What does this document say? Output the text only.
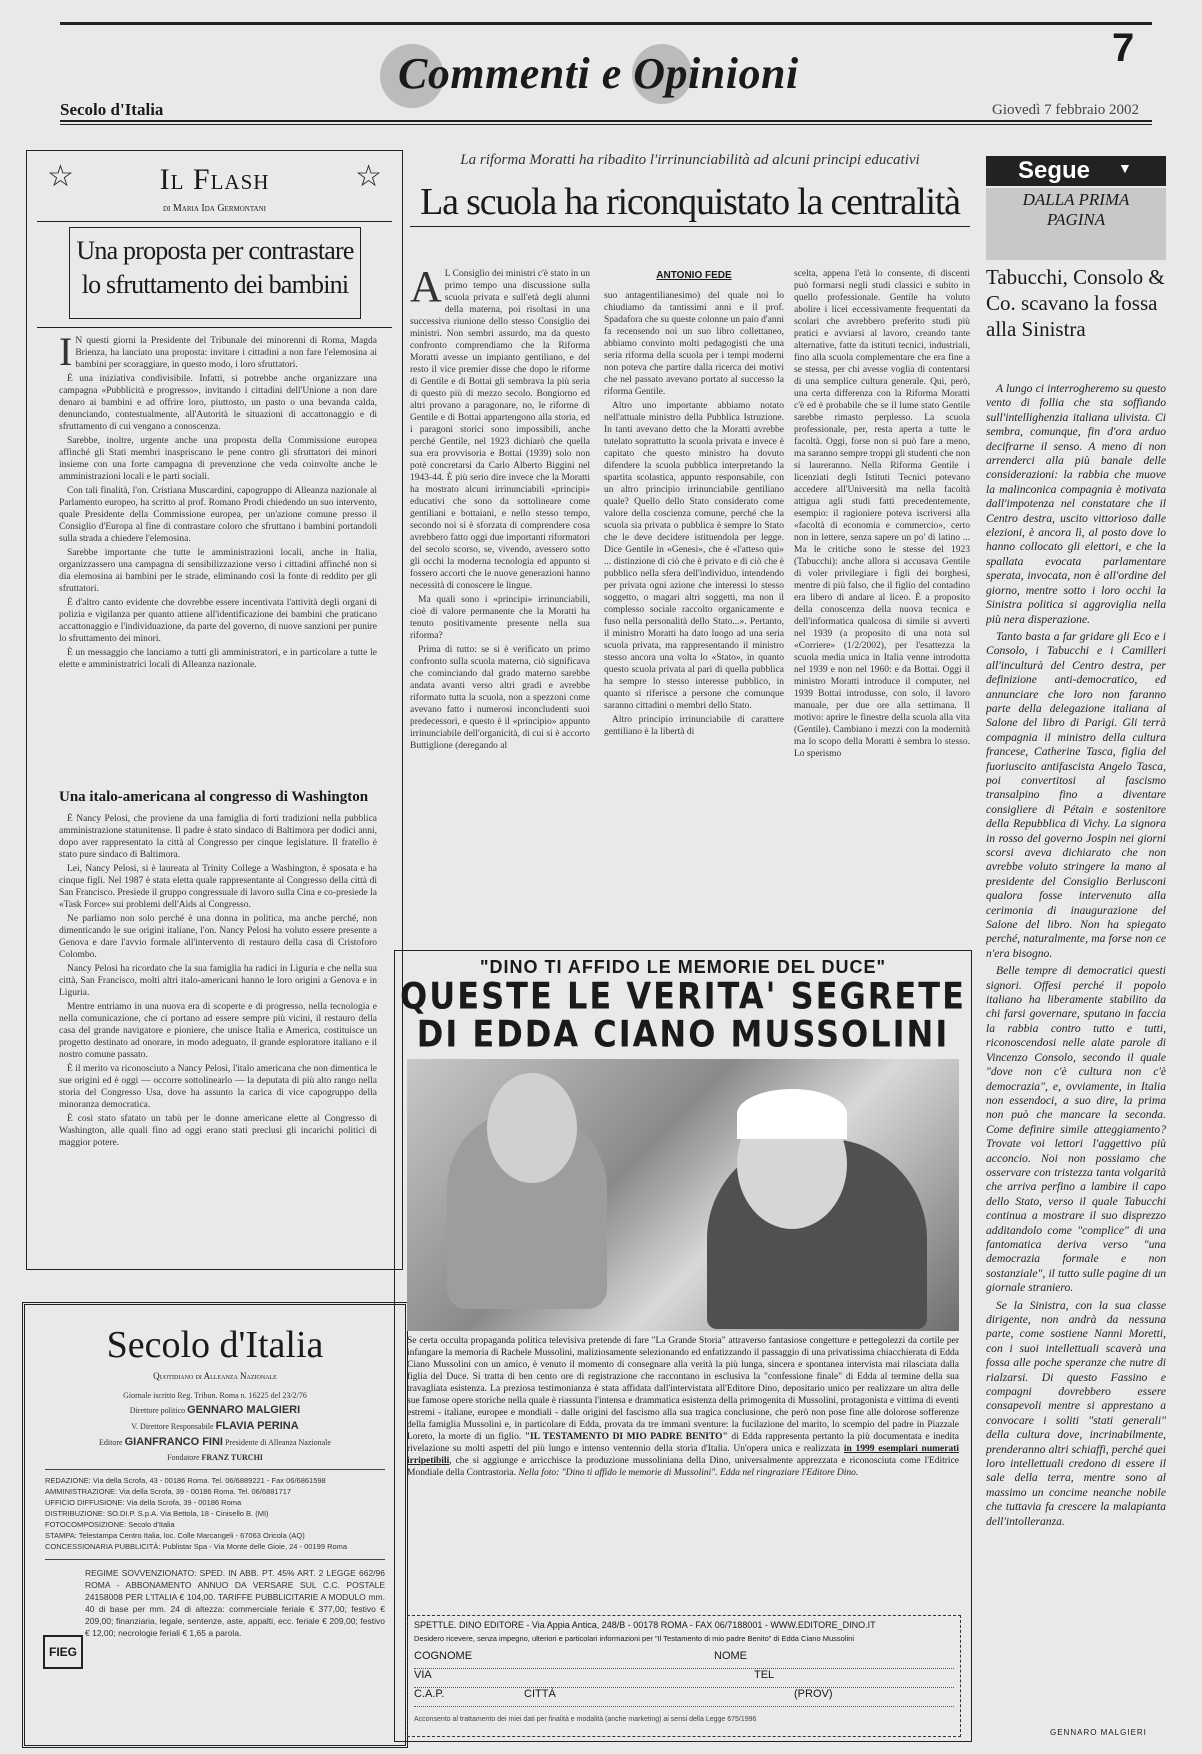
Commenti e Opinioni
7
Secolo d'Italia	Giovedì 7 febbraio 2002
☆	☆
Il Flash
di Maria Ida Germontani
Una proposta per contrastare lo sfruttamento dei bambini

I N questi giorni la Presidente del Tribunale dei minorenni di Roma, Magda Brienza, ha lanciato una proposta: invitare i cittadini a non fare l'elemosina ai bambini per scoraggiare, in questo modo, i loro sfruttatori.

È una iniziativa condivisibile. Infatti, si potrebbe anche organizzare una campagna «Pubblicità e progresso», invitando i cittadini dell'Unione a non dare denaro ai bambini e ad offrire loro, piuttosto, un pasto o una bevanda calda, denunciando, contestualmente, all'Autorità le situazioni di accattonaggio e di sfruttamento di cui vengano a conoscenza.

Sarebbe, inoltre, urgente anche una proposta della Commissione europea affinché gli Stati membri inaspriscano le pene contro gli sfruttatori dei minori insieme con una forte campagna di prevenzione che veda coinvolte anche le amministrazioni locali e le parti sociali.

Con tali finalità, l'on. Cristiana Muscardini, capogruppo di Alleanza nazionale al Parlamento europeo, ha scritto al prof. Romano Prodi chiedendo un suo intervento, quale Presidente della Commissione europea, per un'azione comune presso il Consiglio d'Europa al fine di contrastare coloro che sfruttano i bambini portandoli sulla strada a chiedere l'elemosina.

Sarebbe importante che tutte le amministrazioni locali, anche in Italia, organizzassero una campagna di sensibilizzazione verso i cittadini affinché non si dia elemosina ai bambini per le strade, eliminando così la fonte di reddito per gli sfruttatori.

È d'altro canto evidente che dovrebbe essere incentivata l'attività degli organi di polizia e vigilanza per quanto attiene all'identificazione dei bambini che praticano accattonaggio e l'individuazione, da parte del governo, di nuove sanzioni per punire lo sfruttamento dei minori.

È un messaggio che lanciamo a tutti gli amministratori, e in particolare a tutte le elette e amministratrici locali di Alleanza nazionale.

Una italo-americana al congresso di Washington

È Nancy Pelosi, che proviene da una famiglia di forti tradizioni nella pubblica amministrazione statunitense. Il padre è stato sindaco di Baltimora per dodici anni, dopo aver rappresentato la città al Congresso per cinque legislature. Il fratello è stato pure sindaco di Baltimora.

Lei, Nancy Pelosi, si è laureata al Trinity College a Washington, è sposata e ha cinque figli. Nel 1987 è stata eletta quale rappresentante al Congresso della città di San Francisco. Presiede il gruppo congressuale di lavoro sulla Cina e co-presiede la «Task Force» sui problemi dell'Aids al Congresso.

Ne parliamo non solo perché è una donna in politica, ma anche perché, non dimenticando le sue origini italiane, l'on. Nancy Pelosi ha voluto essere presente a Genova e dare l'avvio formale all'intervento di restauro della casa di Cristoforo Colombo.

Nancy Pelosi ha ricordato che la sua famiglia ha radici in Liguria e che nella sua città, San Francisco, molti altri italo-americani hanno le loro origini a Genova e in Liguria.

Mentre entriamo in una nuova era di scoperte e di progresso, nella tecnologia e nella comunicazione, che ci portano ad essere sempre più vicini, il restauro della casa del grande navigatore e pioniere, che unisce Italia e America, costituisce un progetto destinato ad onorare, in modo adeguato, il grande esploratore italiano e il nostro comune passato.

È il merito va riconosciuto a Nancy Pelosi, l'italo americana che non dimentica le sue origini ed è oggi — occorre sottolinearlo — la deputata di più alto rango nella storia del Congresso Usa, dove ha assunto la carica di vice capogruppo della minoranza democratica.

È così stato sfatato un tabù per le donne americane elette al Congresso di Washington, alle quali fino ad oggi erano stati preclusi gli incarichi politici di maggior potere.

Secolo d'Italia
Quotidiano di Alleanza Nazionale
Giornale iscritto Reg. Tribun. Roma n. 16225 del 23/2/76
Direttore politico GENNARO MALGIERI
V. Direttore Responsabile FLAVIA PERINA
Editore GIANFRANCO FINI Presidente di Alleanza Nazionale
Fondatore FRANZ TURCHI
REDAZIONE: Via della Scrofa, 43 - 00186 Roma. Tel. 06/6889221 - Fax 06/6861598
AMMINISTRAZIONE: Via della Scrofa, 39 - 00186 Roma. Tel. 06/6881717
UFFICIO DIFFUSIONE: Via della Scrofa, 39 - 00186 Roma
DISTRIBUZIONE: SO.DI.P. S.p.A. Via Bettola, 18 - Cinisello B. (MI)
FOTOCOMPOSIZIONE: Secolo d'Italia
STAMPA: Telestampa Centro Italia, loc. Colle Marcangeli - 67063 Oricola (AQ)
CONCESSIONARIA PUBBLICITÀ: Publistar Spa - Via Monte delle Gioie, 24 - 00199 Roma
REGIME SOVVENZIONATO: SPED. IN ABB. PT. 45% ART. 2 LEGGE 662/96 ROMA - ABBONAMENTO ANNUO DA VERSARE SUL C.C. POSTALE 24158008 PER L'ITALIA € 104,00. TARIFFE PUBBLICITARIE A MODULO mm. 40 di base per mm. 24 di altezza: commerciale feriale € 377,00; festivo € 209,00; finanziaria, legale, sentenze, aste, appalti, ecc. feriale € 209,00; festivo € 12,00; necrologie feriali € 1,65 a parola.
FIEG
La riforma Moratti ha ribadito l'irrinunciabilità ad alcuni principi educativi
La scuola ha riconquistato la centralità

A L Consiglio dei ministri c'è stato in un primo tempo una discussione sulla scuola privata e sull'età degli alunni della materna, poi risoltasi in una successiva riunione dello stesso Consiglio dei ministri. Non sembri assurdo, ma da questo confronto comprendiamo che la Riforma Moratti avesse un impianto gentiliano, e del resto il vice premier disse che dopo le riforme di Gentile e di Bottai gli sembrava la più seria di questo più di mezzo secolo. Bongiorno ed altri provano a paragonare, no, le riforme di Gentile e di Bottai appartengono alla storia, ed i paragoni storici sono impossibili, anche perché Gentile, nel 1923 dichiarò che quella sua era provvisoria e Bottai (1939) solo non potè concretarsi da Carlo Alberto Biggini nel 1943-44. È più serio dire invece che la Moratti ha mostrato alcuni irrinunciabili «principi» educativi che sono da sottolineare come gentiliani e bottaiani, e nello stesso tempo, secondo noi si è sforzata di comprendere cosa avrebbero fatto oggi due importanti riformatori del secolo scorso, se, vivendo, avessero sotto gli occhi la moderna tecnologia ed appunto si fossero accorti che le nuove generazioni hanno necessità di conoscere le lingue.

Ma quali sono i «principi» irrinunciabili, cioè di valore permanente che la Moratti ha tenuto positivamente presente nella sua riforma?

Prima di tutto: se si è verificato un primo confronto sulla scuola materna, ciò significava che cominciando dal grado materno sarebbe andata avanti verso altri gradi e avrebbe riformato tutta la scuola, non a spezzoni come avevano fatto i numerosi inconcludenti suoi predecessori, e questo è il «principio» appunto irrinunciabile dell'organicità, di cui si è accorto Buttiglione (deregando al

ANTONIO FEDE

suo antagentilianesimo) del quale noi lo chiudiamo da tantissimi anni e il prof. Spadafora che su queste colonne un paio d'anni fa recensendo noi un suo libro collettaneo, abbiamo convinto molti pedagogisti che una seria riforma della scuola per i tempi moderni non poteva che partire dalla ricerca dei motivi che nel passato avevano portato al successo la riforma Gentile.

Altro uno importante abbiamo notato nell'attuale ministro della Pubblica Istruzione. In tanti avevano detto che la Moratti avrebbe tutelato soprattutto la scuola privata e invece è capitato che questo ministro ha dovuto difendere la scuola pubblica interpretando la spartita scolastica, appunto responsabile, con un altro principio irrinunciabile gentiliano quale? Quello dello Stato considerato come valore della coscienza comune, perché che la scuola sia privata o pubblica è sempre lo Stato che le deve decidere istituendola per legge. Dice Gentile in «Genesi», che è «l'atteso qui» ... distinzione di ciò che è privato e di ciò che è pubblico nella sfera dell'individuo, intendendo per privata ogni azione che interessi lo stesso soggetto, o magari altri soggetti, ma non il complesso sociale raccolto organicamente e fuso nella personalità dello Stato...». Pertanto, il ministro Moratti ha dato luogo ad una seria scuola privata, ma rappresentando il ministro stesso ancora una volta lo «Stato», in quanto questo scuola privata al pari di quella pubblica ha sempre lo stesso interesse pubblico, in quanto si riferisce a persone che comunque saranno cittadini o membri dello Stato.

Altro principio irrinunciabile di carattere gentiliano è la libertà di

scelta, appena l'età lo consente, di discenti può formarsi negli studi classici e subito in quello professionale. Gentile ha voluto abolire i licei eccessivamente frequentati da scolari che avrebbero preferito studi più pratici e avviarsi al lavoro, creando tante alternative, fatte da istituti tecnici, industriali, fino alla scuola complementare che era fine a se stessa, per chi avesse voglia di contentarsi di una semplice cultura generale. Qui, però, una certa differenza con la Riforma Moratti c'è ed è probabile che se il lume stato Gentile sarebbe rimasto perplesso. La scuola professionale, per, resta aperta a tutte le facoltà. Oggi, forse non si può fare a meno, ma saranno sempre troppi gli studenti che non si laureranno. Nella Riforma Gentile i licenziati degli Istituti Tecnici potevano accedere all'Università ma nella facoltà attigua agli studi fatti precedentemente, esempio: il ragioniere poteva iscriversi alla «facoltà di economia e commercio», certo non in lettere, senza sapere un po' di latino ... Ma le critiche sono le stesse del 1923 (Tabucchi): anche allora si accusava Gentile di voler privilegiare i figli dei borghesi, mentre di più falso, che il figlio del contadino era libero di andare al liceo. È a proposito della conoscenza della nuova tecnica e dell'informatica qualcosa di simile si avvertì nel 1939 (a proposito di una nota sul «Corriere» (1/2/2002), per l'esattezza la scuola media unica in Italia venne introdotta nel 1939 e non nel 1960: e da Bottai. Oggi il ministro Moratti introduce il computer, nel 1939 Bottai introdusse, con solo, il lavoro manuale, per due ore alla settimana. Il motivo: aprire le finestre della scuola alla vita (Gentile). Cambiano i mezzi con la modernità ma lo scopo della Moratti è sembra lo stesso. Lo sperismo

"DINO TI AFFIDO LE MEMORIE DEL DUCE"
QUESTE LE VERITA' SEGRETE
DI EDDA CIANO MUSSOLINI
Se certa occulta propaganda politica televisiva pretende di fare "La Grande Storia" attraverso fantasiose congetture e pettegolezzi da cortile per infangare la memoria di Rachele Mussolini, maliziosamente selezionando ed enfatizzando il passaggio di una privatissima chiacchierata di Edda Ciano Mussolini con un amico, è venuto il momento di consegnare alla verità la più lunga, sincera e spontanea intervista mai rilasciata dalla figlia del Duce. Si tratta di ben cento ore di registrazione che raccontano in esclusiva la "confessione finale" di Edda al termine della sua travagliata esistenza. La preziosa testimonianza è stata affidata dall'intervistata all'Editore Dino, depositario unico per realizzare un altra delle sue famose opere storiche nella quale è riassunta l'intensa e drammatica esistenza della primogenita di Mussolini, protagonista e vittima di eventi estremi - italiane, europee e mondiali - dalle origini del fascismo alla sua tragica conclusione, che però non pose fine alle dolorose sofferenze della famiglia Mussolini e, in particolare di Edda, provata da tre immani sventure: la fucilazione del marito, lo scempio del padre in Piazzale Loreto, la morte di un figlio. "IL TESTAMENTO DI MIO PADRE BENITO" di Edda rappresenta pertanto la più documentata e inedita rivelazione su molti aspetti del più lungo e intenso ventennio della storia d'Italia. Un'opera unica e realizzata in 1999 esemplari numerati irripetibili, che si aggiunge e arricchisce la produzione mussoliniana della Dino, universalmente apprezzata e riconosciuta come l'Editrice Mondiale della Contrastoria. Nella foto: "Dino ti affido le memorie di Mussolini". Edda nel ringraziare l'Editore Dino.
SPETTLE. DINO EDITORE - Via Appia Antica, 248/B - 00178 ROMA - FAX 06/7188001 - WWW.EDITORE_DINO.IT
Desidero ricevere, senza impegno, ulteriori e particolari informazioni per "Il Testamento di mio padre Benito" di Edda Ciano Mussolini
COGNOME	NOME
VIA	TEL
C.A.P.	CITTÀ	(PROV)
Acconsento al trattamento dei miei dati per finalità e modalità (anche marketing) ai sensi della Legge 675/1996
Segue ▼
DALLA PRIMA PAGINA
Tabucchi, Consolo & Co. scavano la fossa alla Sinistra

A lungo ci interrogheremo su questo vento di follia che sta soffiando sull'intellighenzia italiana ulivista. Ci sembra, comunque, fin d'ora arduo decifrarne il senso. A meno di non arrenderci alla più banale delle considerazioni: la rabbia che muove la malinconica compagnia è motivata dall'impotenza nel constatare che il Centro destra, uscito vittorioso dalle elezioni, è ancora lì, al posto dove lo hanno collocato gli elettori, e che la spallata evocata parlamentare sperata, invocata, non è all'ordine del giorno, mentre sotto i loro occhi la Sinistra politica si aggroviglia nella più nera disperazione.

Tanto basta a far gridare gli Eco e i Consolo, i Tabucchi e i Camilleri all'inculturà del Centro destra, per definizione anti-democratico, ed annunciare che loro non faranno parte della delegazione italiana al Salone del libro di Parigi. Gli terrà compagnia il ministro della cultura francese, Catherine Tasca, figlia del fuoriuscito antifascista Angelo Tasca, poi convertitosi al fascismo transalpino fino a diventare consigliere di Pétain e sostenitore della Repubblica di Vichy. La signora in rosso del governo Jospin nei giorni scorsi aveva dichiarato che non avrebbe voluto stringere la mano al presidente del Consiglio Berlusconi qualora fosse intervenuto alla cerimonia di inaugurazione del Salone del libro. Non ha spiegato perché, naturalmente, ma forse non ce n'era bisogno.

Belle tempre di democratici questi signori. Offesi perché il popolo italiano ha liberamente stabilito da chi farsi governare, sputano in faccia la rabbia contro tutto e tutti, riconoscendosi nelle alate parole di Vincenzo Consolo, secondo il quale "dove non c'è cultura non c'è democrazia", e, ovviamente, in Italia non essendoci, a suo dire, la prima non può che mancare la seconda. Come definire simile atteggiamento? Trovate voi lettori l'aggettivo più acconcio. Noi non possiamo che osservare con tristezza tanta volgarità che arriva perfino a lambire il capo dello Stato, verso il quale Tabucchi continua a mostrare il suo disprezzo additandolo come "complice" di una fantomatica deriva verso "una democrazia formale e non sostanziale", il tutto sulle pagine di un giornale straniero.

Se la Sinistra, con la sua classe dirigente, non andrà da nessuna parte, come sostiene Nanni Moretti, con i suoi intellettuali scaverà una fossa alle poche speranze che nutre di rialzarsi. Di questo Fassino e compagni dovrebbero essere consapevoli mentre si apprestano a convocare i soliti "stati generali" della cultura dove, incrinabilmente, prenderanno altri schiaffi, perché quei loro intellettuali credono di essere il sale della terra, mentre sono al massimo un concime neanche nobile che tuttavia fa crescere la malapianta dell'intolleranza.

GENNARO MALGIERI
